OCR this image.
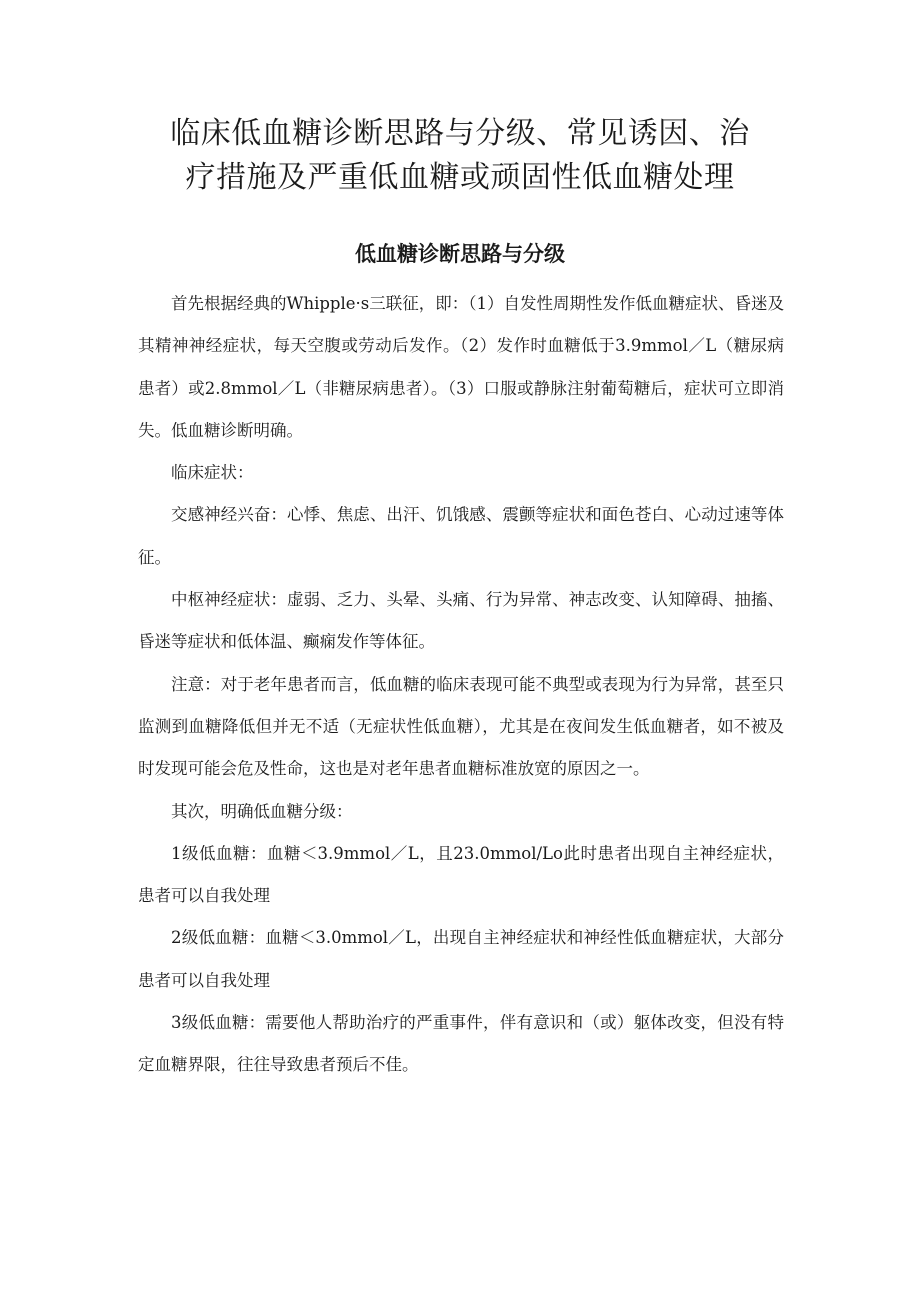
临床低血糖诊断思路与分级、常见诱因、治
疗措施及严重低血糖或顽固性低血糖处理
低血糖诊断思路与分级

首先根据经典的Whipple·s三联征，即：（1）自发性周期性发作低血糖症状、昏迷及其精神神经症状，每天空腹或劳动后发作。（2）发作时血糖低于3.9mmol／L（糖尿病患者）或2.8mmol／L（非糖尿病患者）。（3）口服或静脉注射葡萄糖后，症状可立即消失。低血糖诊断明确。

临床症状：

交感神经兴奋：心悸、焦虑、出汗、饥饿感、震颤等症状和面色苍白、心动过速等体征。

中枢神经症状：虚弱、乏力、头晕、头痛、行为异常、神志改变、认知障碍、抽搐、昏迷等症状和低体温、癫痫发作等体征。

注意：对于老年患者而言，低血糖的临床表现可能不典型或表现为行为异常，甚至只监测到血糖降低但并无不适（无症状性低血糖），尤其是在夜间发生低血糖者，如不被及时发现可能会危及性命，这也是对老年患者血糖标准放宽的原因之一。

其次，明确低血糖分级：

1级低血糖：血糖＜3.9mmol／L，且23.0mmol/Lo此时患者出现自主神经症状，患者可以自我处理

2级低血糖：血糖＜3.0mmol／L，出现自主神经症状和神经性低血糖症状，大部分患者可以自我处理

3级低血糖：需要他人帮助治疗的严重事件，伴有意识和（或）躯体改变，但没有特定血糖界限，往往导致患者预后不佳。
